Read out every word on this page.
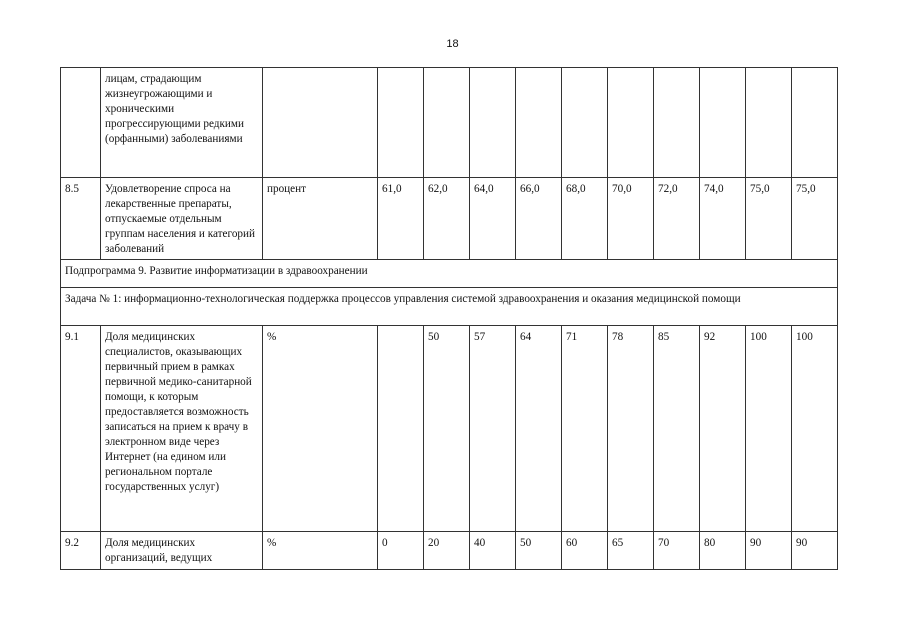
18
	лицам, страдающим жизнеугрожающими и хроническими прогрессирующими редкими (орфанными) заболеваниями											
8.5	Удовлетворение спроса на лекарственные препараты, отпускаемые отдельным группам населения и категорий заболеваний	процент	61,0	62,0	64,0	66,0	68,0	70,0	72,0	74,0	75,0	75,0
Подпрограмма 9. Развитие информатизации в здравоохранении												
Задача № 1: информационно-технологическая поддержка процессов управления системой здравоохранения и оказания медицинской помощи												
9.1	Доля медицинских специалистов, оказывающих первичный прием в рамках первичной медико-санитарной помощи, к которым предоставляется возможность записаться на прием к врачу в электронном виде через Интернет (на едином или региональном портале государственных услуг)	%		50	57	64	71	78	85	92	100	100
9.2	Доля медицинских организаций, ведущих	%	0	20	40	50	60	65	70	80	90	90
